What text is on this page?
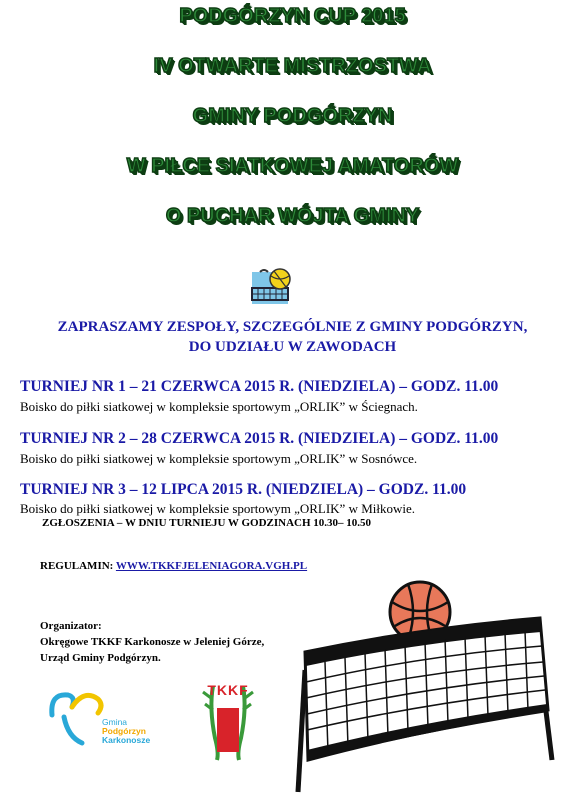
PODGÓRZYN CUP 2015
IV OTWARTE MISTRZOSTWA
GMINY PODGÓRZYN
W PIŁCE SIATKOWEJ AMATORÓW
O PUCHAR WÓJTA GMINY
ZAPRASZAMY ZESPOŁY, SZCZEGÓLNIE Z GMINY PODGÓRZYN,
DO UDZIAŁU W ZAWODACH
TURNIEJ NR 1 – 21 CZERWCA 2015 R. (NIEDZIELA) – GODZ. 11.00
Boisko do piłki siatkowej w kompleksie sportowym „ORLIK” w Ściegnach.
TURNIEJ NR 2 – 28 CZERWCA 2015 R. (NIEDZIELA) – GODZ. 11.00
Boisko do piłki siatkowej w kompleksie sportowym „ORLIK” w Sosnówce.
TURNIEJ NR 3 – 12 LIPCA 2015 R. (NIEDZIELA) – GODZ. 11.00
Boisko do piłki siatkowej w kompleksie sportowym „ORLIK” w Miłkowie.
ZGŁOSZENIA – W DNIU TURNIEJU W GODZINACH 10.30– 10.50
REGULAMIN: WWW.TKKFJELENIAGORA.VGH.PL
Organizator:
Okręgowe TKKF Karkonosze w Jeleniej Górze,
Urząd Gminy Podgórzyn.
Gmina
Podgórzyn
Karkonosze
TKKF
